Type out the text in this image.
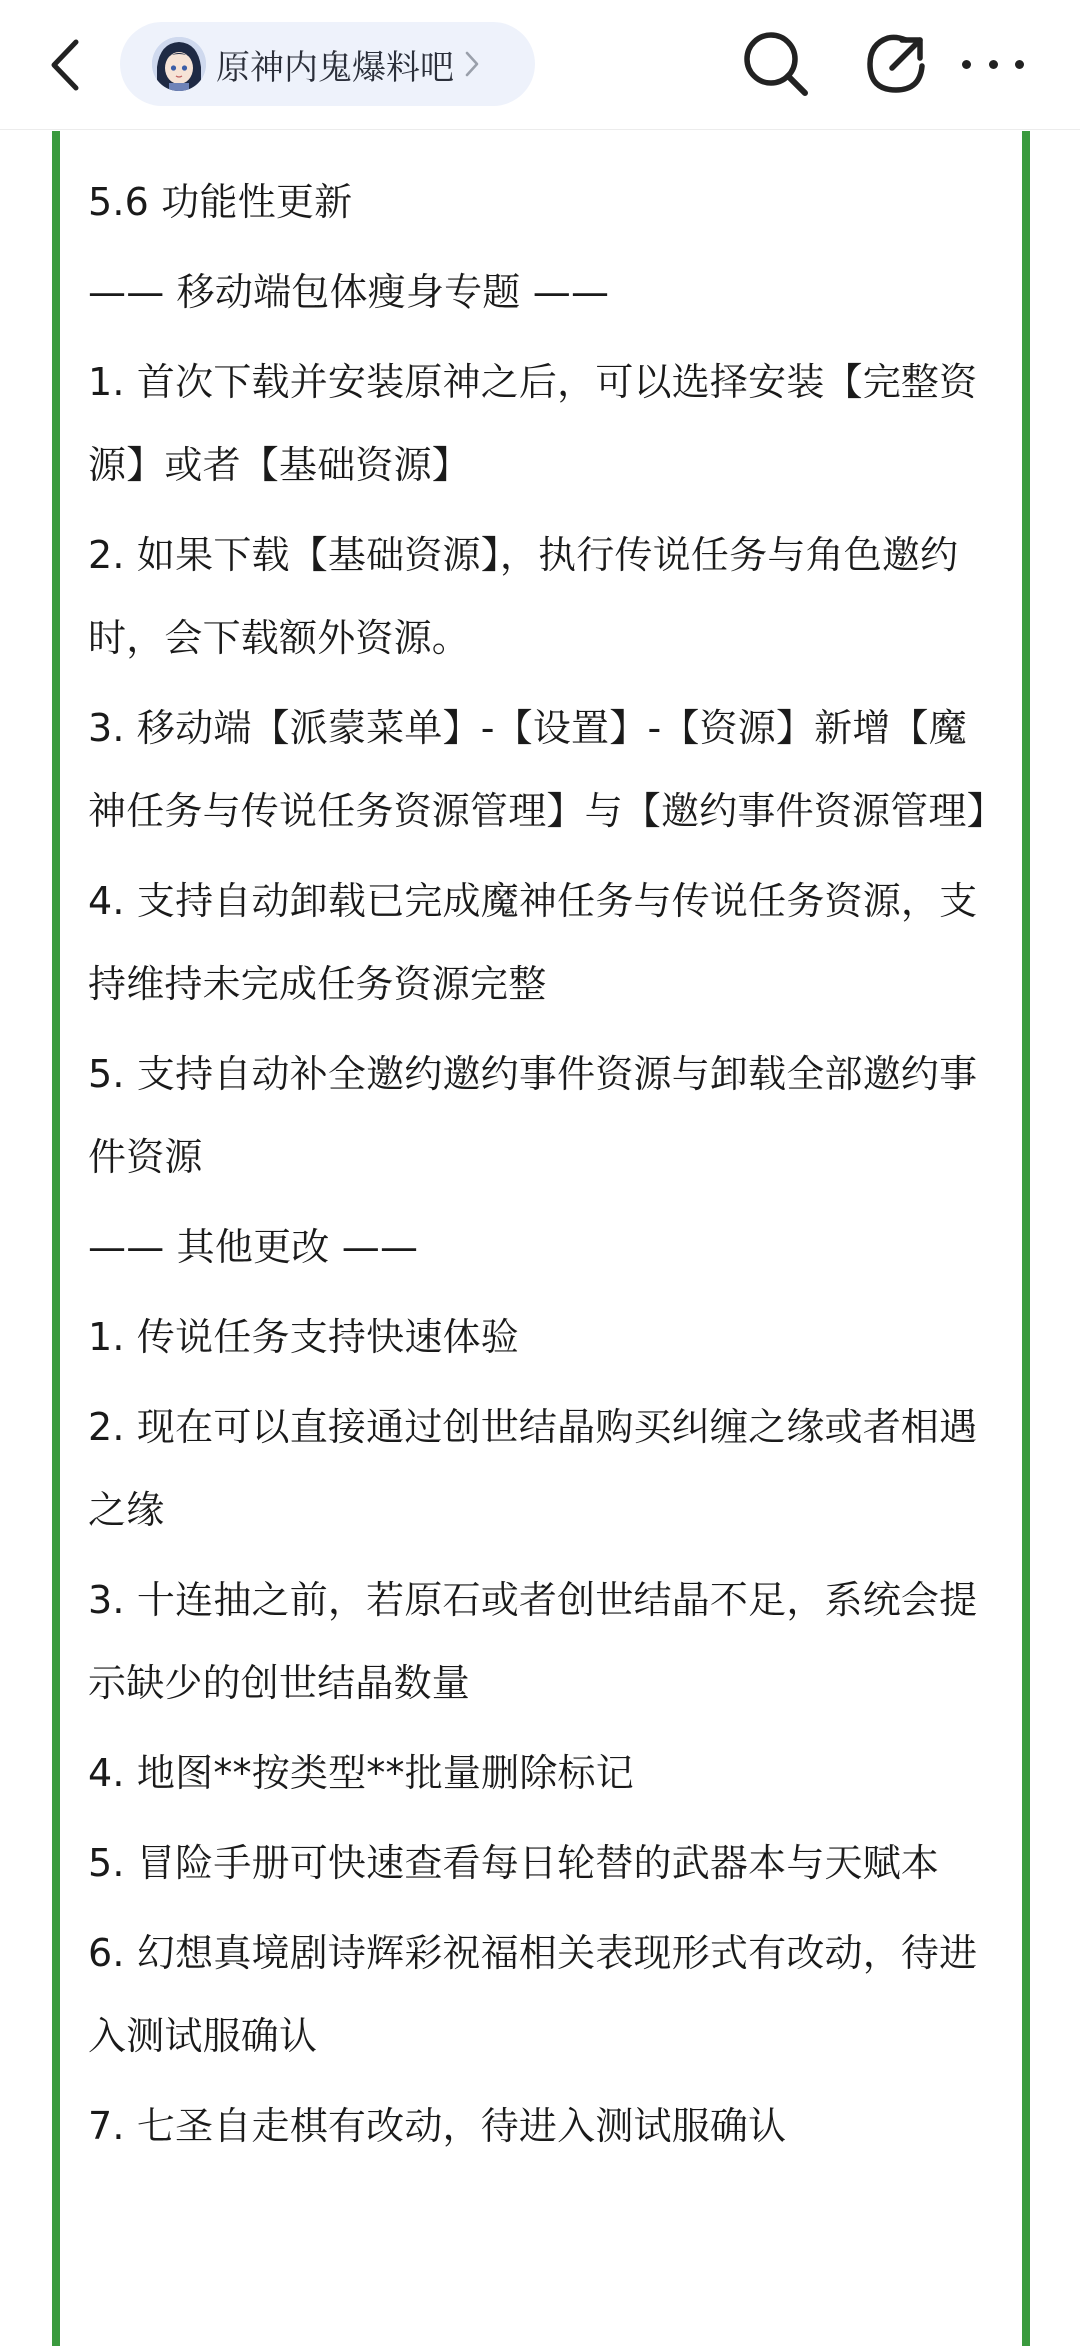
原神内鬼爆料吧

5.6 功能性更新

—— 移动端包体瘦身专题 ——

1. 首次下载并安装原神之后，可以选择安装【完整资源】或者【基础资源】

2. 如果下载【基础资源】，执行传说任务与角色邀约时，会下载额外资源。

3. 移动端【派蒙菜单】-【设置】-【资源】新增【魔神任务与传说任务资源管理】与【邀约事件资源管理】

4. 支持自动卸载已完成魔神任务与传说任务资源，支持维持未完成任务资源完整

5. 支持自动补全邀约邀约事件资源与卸载全部邀约事件资源

—— 其他更改 ——

1. 传说任务支持快速体验

2. 现在可以直接通过创世结晶购买纠缠之缘或者相遇之缘

3. 十连抽之前，若原石或者创世结晶不足，系统会提示缺少的创世结晶数量

4. 地图**按类型**批量删除标记

5. 冒险手册可快速查看每日轮替的武器本与天赋本

6. 幻想真境剧诗辉彩祝福相关表现形式有改动，待进入测试服确认

7. 七圣自走棋有改动，待进入测试服确认
